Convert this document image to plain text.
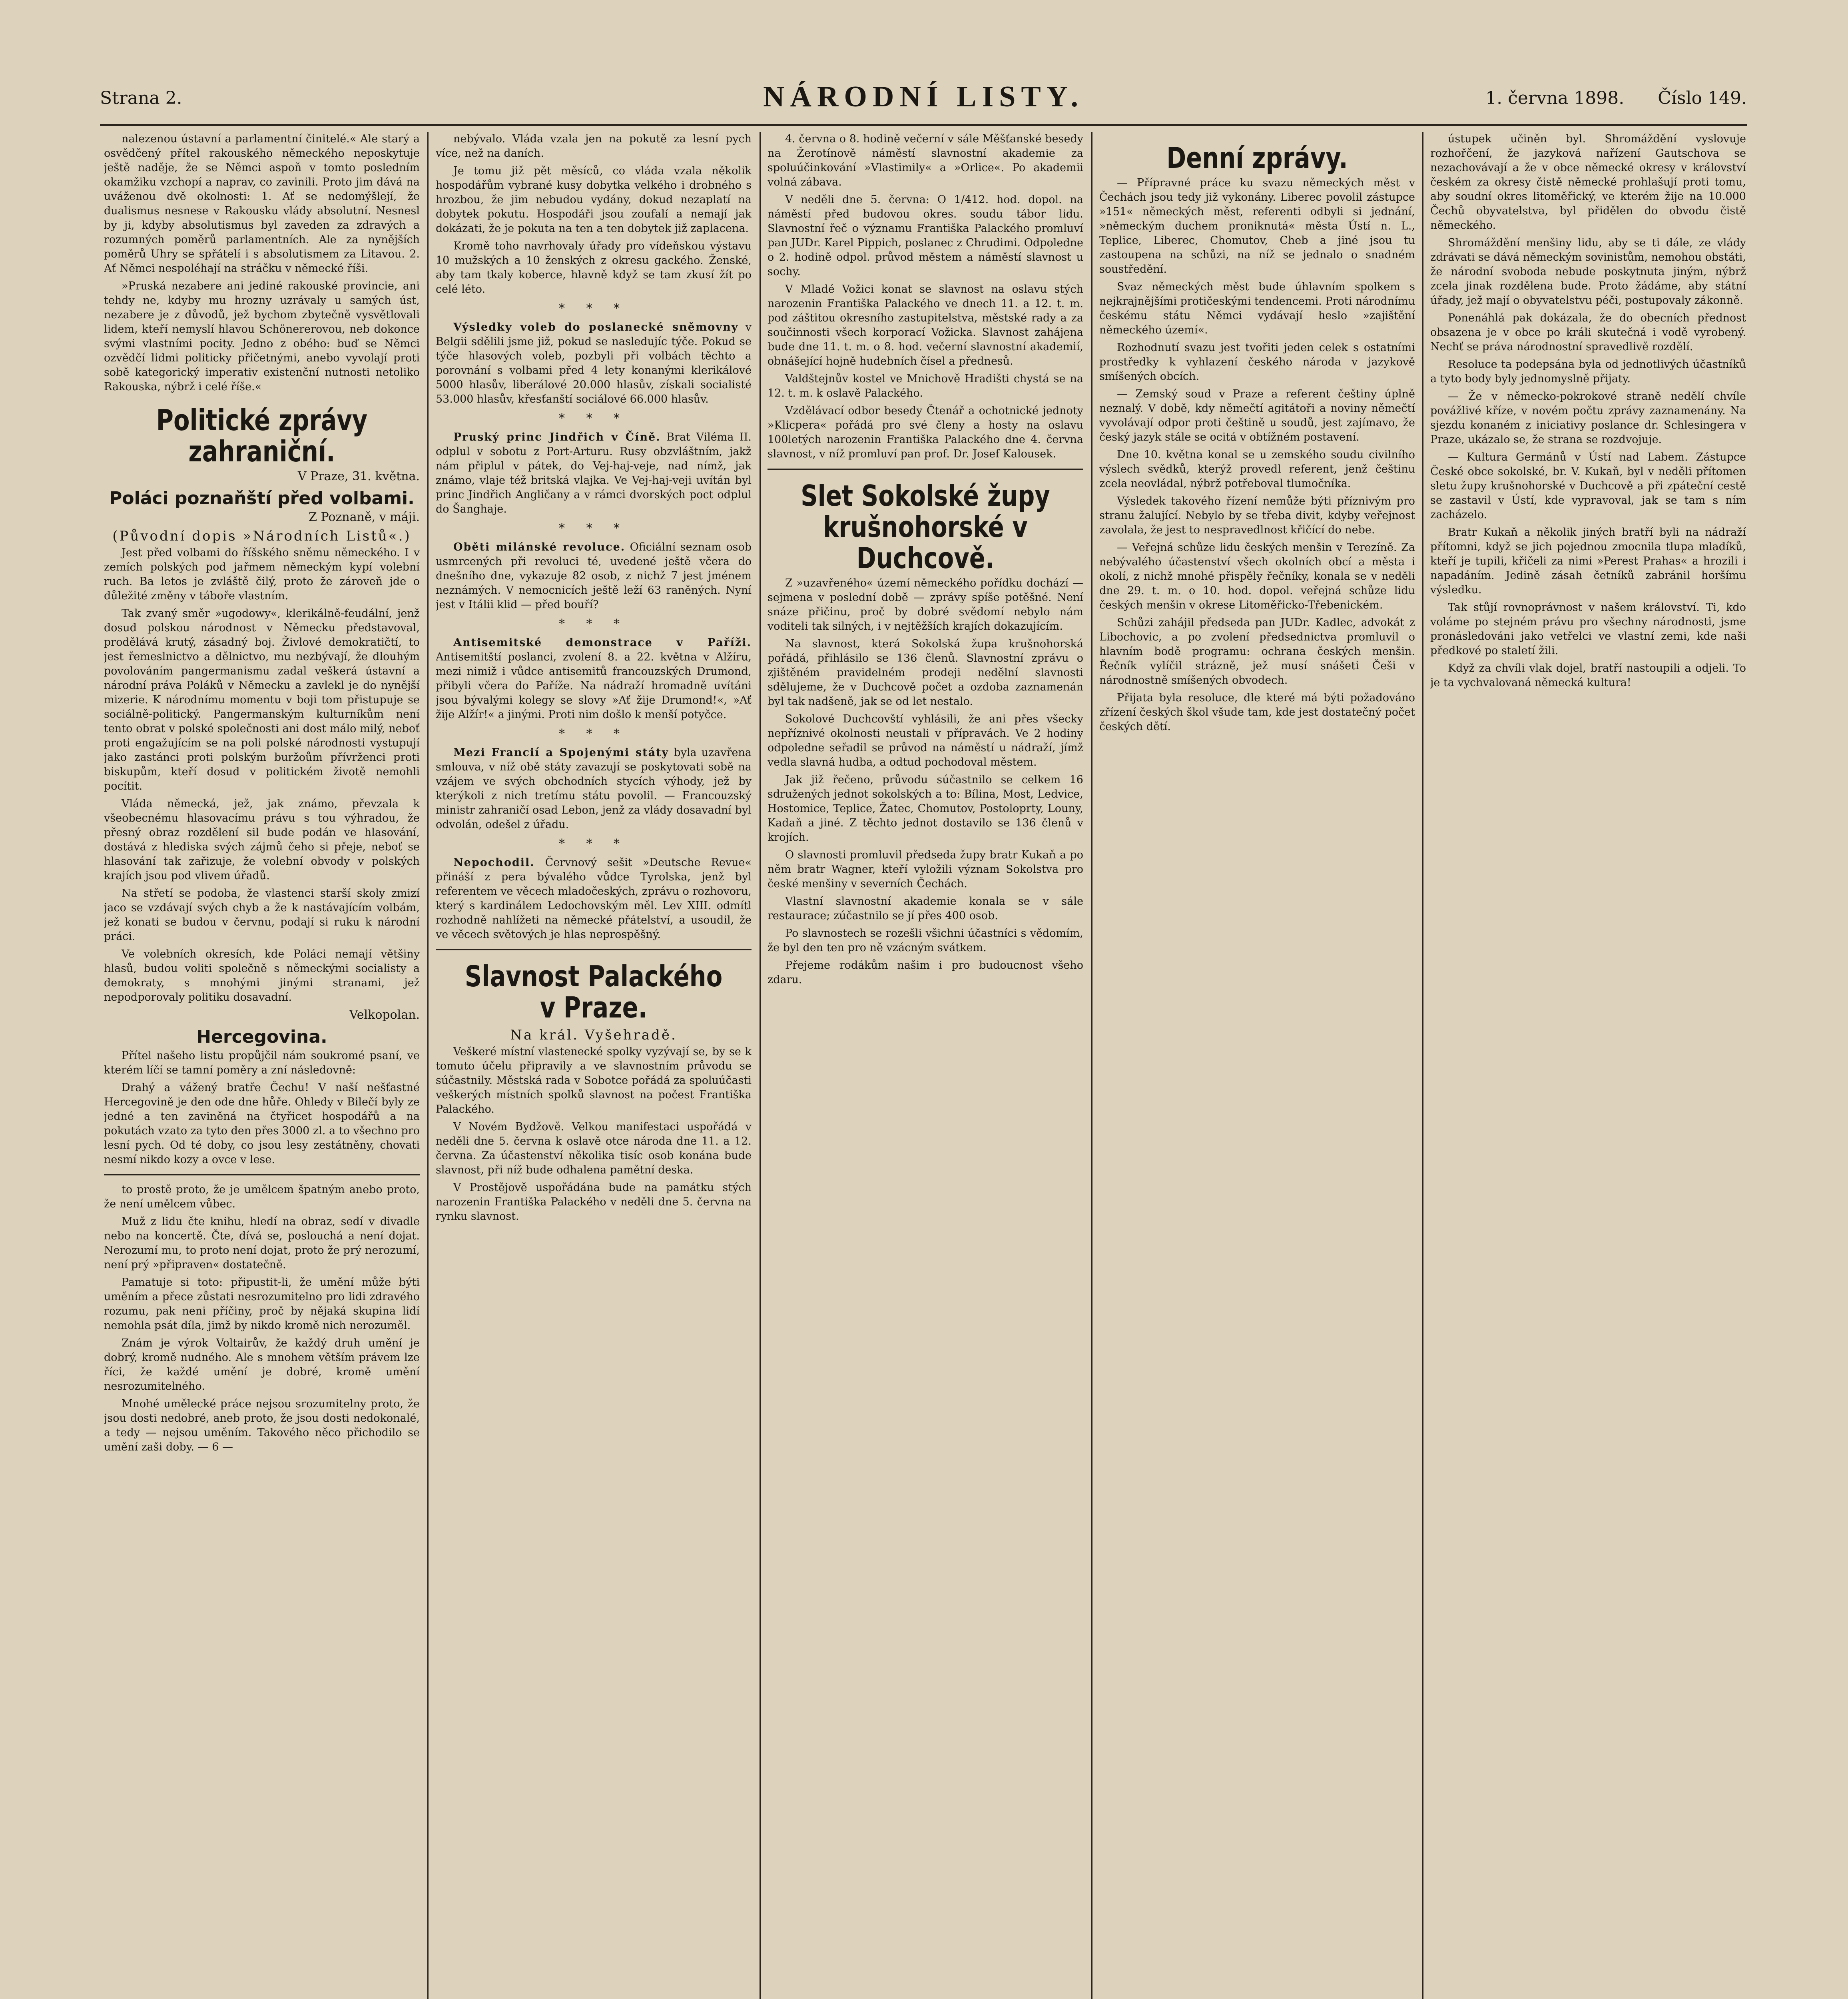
Strana 2.	NÁRODNÍ LISTY.	1. června 1898. Číslo 149.

nalezenou ústavní a parlamentní činitelé.« Ale starý a osvědčený přítel rakouského německého neposkytuje ještě naděje, že se Němci aspoň v tomto posledním okamžiku vzchopí a naprav, co zavinili. Proto jim dává na uváženou dvě okolnosti: 1. Ať se nedomýšlejí, že dualismus nesnese v Rakousku vlády absolutní. Nesnesl by ji, kdyby absolutismus byl zaveden za zdravých a rozumných poměrů parlamentních. Ale za nynějších poměrů Uhry se spřátelí i s absolutismem za Litavou. 2. Ať Němci nespoléhají na stráčku v německé říši.

»Pruská nezabere ani jediné rakouské provincie, ani tehdy ne, kdyby mu hrozny uzrávaly u samých úst, nezabere je z důvodů, jež bychom zbytečně vysvětlovali lidem, kteří nemyslí hlavou Schönererovou, neb dokonce svými vlastními pocity. Jedno z obého: buď se Němci ozvědčí lidmi politicky přičetnými, anebo vyvolají proti sobě kategorický imperativ existenční nutnosti netoliko Rakouska, nýbrž i celé říše.«

Politické zprávy zahraniční.
V Praze, 31. května.
Poláci poznaňští před volbami.
Z Poznaně, v máji.
(Původní dopis »Národních Listů«.)

Jest před volbami do říšského sněmu německého. I v zemích polských pod jařmem německým kypí volební ruch. Ba letos je zvláště čilý, proto že zároveň jde o důležité změny v táboře vlastním.

Tak zvaný směr »ugodowy«, klerikálně-feudální, jenž dosud polskou národnost v Německu představoval, prodělává krutý, zásadný boj. Živlové demokratičtí, to jest řemeslnictvo a dělnictvo, mu nezbývají, že dlouhým povolováním pangermanismu zadal veškerá ústavní a národní práva Poláků v Německu a zavlekl je do nynější mizerie. K národnímu momentu v boji tom přistupuje se sociálně-politický. Pangermanským kulturníkům není tento obrat v polské společnosti ani dost málo milý, neboť proti engažujícím se na poli polské národnosti vystupují jako zastánci proti polským buržoům přívrženci proti biskupům, kteří dosud v politickém životě nemohli pocítit.

Vláda německá, jež, jak známo, převzala k všeobecnému hlasovacímu právu s tou výhradou, že přesný obraz rozdělení sil bude podán ve hlasování, dostává z hlediska svých zájmů čeho si přeje, neboť se hlasování tak zařizuje, že volební obvody v polských krajích jsou pod vlivem úřadů.

Na střetí se podoba, že vlastenci starší skoly zmizí jaco se vzdávají svých chyb a že k nastávajícím volbám, jež konati se budou v červnu, podají si ruku k národní práci.

Ve volebních okresích, kde Poláci nemají většiny hlasů, budou voliti společně s německými socialisty a demokraty, s mnohými jinými stranami, jež nepodporovaly politiku dosavadní.

Velkopolan.
Hercegovina.

Přítel našeho listu propůjčil nám soukromé psaní, ve kterém líčí se tamní poměry a zní následovně:

Drahý a vážený bratře Čechu! V naší nešťastné Hercegovině je den ode dne hůře. Ohledy v Bilečí byly ze jedné a ten zaviněná na čtyřicet hospodářů a na pokutách vzato za tyto den přes 3000 zl. a to všechno pro lesní pych. Od té doby, co jsou lesy zestátněny, chovati nesmí nikdo kozy a ovce v lese.

to prostě proto, že je umělcem špatným anebo proto, že není umělcem vůbec.

Muž z lidu čte knihu, hledí na obraz, sedí v divadle nebo na koncertě. Čte, dívá se, poslouchá a není dojat. Nerozumí mu, to proto není dojat, proto že prý nerozumí, není prý »připraven« dostatečně.

Pamatuje si toto: připustit-li, že umění může býti uměním a přece zůstati nesrozumitelno pro lidi zdravého rozumu, pak neni příčiny, proč by nějaká skupina lidí nemohla psát díla, jimž by nikdo kromě nich nerozuměl.

Znám je výrok Voltairův, že každý druh umění je dobrý, kromě nudného. Ale s mnohem větším právem lze říci, že každé umění je dobré, kromě umění nesrozumitelného.

Mnohé umělecké práce nejsou srozumitelny proto, že jsou dosti nedobré, aneb proto, že jsou dosti nedokonalé, a tedy — nejsou uměním. Takového něco přichodilo se umění zaši doby. — 6 —

nebývalo. Vláda vzala jen na pokutě za lesní pych více, než na daních.

Je tomu již pět měsíců, co vláda vzala několik hospodářům vybrané kusy dobytka velkého i drobného s hrozbou, že jim nebudou vydány, dokud nezaplatí na dobytek pokutu. Hospodáři jsou zoufalí a nemají jak dokázati, že je pokuta na ten a ten dobytek již zaplacena.

Kromě toho navrhovaly úřady pro vídeňskou výstavu 10 mužských a 10 ženských z okresu gackého. Ženské, aby tam tkaly koberce, hlavně když se tam zkusí žít po celé léto.

* * *

Výsledky voleb do poslanecké sněmovny v Belgii sdělili jsme již, pokud se nasledujíc týče. Pokud se týče hlasových voleb, pozbyli při volbách těchto a porovnání s volbami před 4 lety konanými klerikálové 5000 hlasův, liberálové 20.000 hlasův, získali socialisté 53.000 hlasův, křesťanští sociálové 66.000 hlasův.

* * *

Pruský princ Jindřich v Číně. Brat Viléma II. odplul v sobotu z Port-Arturu. Rusy obzvláštním, jakž nám připlul v pátek, do Vej-haj-veje, nad nímž, jak známo, vlaje též britská vlajka. Ve Vej-haj-veji uvítán byl princ Jindřich Angličany a v rámci dvorských poct odplul do Šanghaje.

* * *

Oběti milánské revoluce. Oficiální seznam osob usmrcených při revoluci té, uvedené ještě včera do dnešního dne, vykazuje 82 osob, z nichž 7 jest jménem neznámých. V nemocnicích ještě leží 63 raněných. Nyní jest v Itálii klid — před bouří?

* * *

Antisemitské demonstrace v Paříži. Antisemitští poslanci, zvolení 8. a 22. května v Alžíru, mezi nimiž i vůdce antisemitů francouzských Drumond, přibyli včera do Paříže. Na nádraží hromadně uvítáni jsou bývalými kolegy se slovy »Ať žije Drumond!«, »Ať žije Alžír!« a jinými. Proti nim došlo k menší potyčce.

* * *

Mezi Francií a Spojenými státy byla uzavřena smlouva, v níž obě státy zavazují se poskytovati sobě na vzájem ve svých obchodních stycích výhody, jež by kterýkoli z nich tretímu státu povolil. — Francouzský ministr zahraničí osad Lebon, jenž za vlády dosavadní byl odvolán, odešel z úřadu.

* * *

Nepochodil. Červnový sešit »Deutsche Revue« přináší z pera bývalého vůdce Tyrolska, jenž byl referentem ve věcech mladočeských, zprávu o rozhovoru, který s kardinálem Ledochovským měl. Lev XIII. odmítl rozhodně nahlížeti na německé přátelství, a usoudil, že ve věcech světových je hlas neprospěšný.

Slavnost Palackého v Praze.
Na král. Vyšehradě.

Veškeré místní vlastenecké spolky vyzývají se, by se k tomuto účelu připravily a ve slavnostním průvodu se súčastnily. Městská rada v Sobotce pořádá za spoluúčasti veškerých místních spolků slavnost na počest Františka Palackého.

V Novém Bydžově. Velkou manifestaci uspořádá v neděli dne 5. června k oslavě otce národa dne 11. a 12. června. Za účastenství několika tisíc osob konána bude slavnost, při níž bude odhalena pamětní deska.

V Prostějově uspořádána bude na památku stých narozenin Františka Palackého v neděli dne 5. června na rynku slavnost.

4. června o 8. hodině večerní v sále Měšťanské besedy na Žerotínově náměstí slavnostní akademie za spoluúčinkování »Vlastimily« a »Orlice«. Po akademii volná zábava.

V neděli dne 5. června: O 1/412. hod. dopol. na náměstí před budovou okres. soudu tábor lidu. Slavnostní řeč o významu Františka Palackého promluví pan JUDr. Karel Pippich, poslanec z Chrudimi. Odpoledne o 2. hodině odpol. průvod městem a náměstí slavnost u sochy.

V Mladé Vožici konat se slavnost na oslavu stých narozenin Františka Palackého ve dnech 11. a 12. t. m. pod záštitou okresního zastupitelstva, městské rady a za součinnosti všech korporací Vožicka. Slavnost zahájena bude dne 11. t. m. o 8. hod. večerní slavnostní akademií, obnášející hojně hudebních čísel a přednesů.

Valdštejnův kostel ve Mnichově Hradišti chystá se na 12. t. m. k oslavě Palackého.

Vzdělávací odbor besedy Čtenář a ochotnické jednoty »Klicpera« pořádá pro své členy a hosty na oslavu 100letých narozenin Františka Palackého dne 4. června slavnost, v níž promluví pan prof. Dr. Josef Kalousek.

Slet Sokolské župy krušnohorské v Duchcově.

Z »uzavřeného« území německého pořídku dochází — sejmena v poslední době — zprávy spíše potěšné. Není snáze přičinu, proč by dobré svědomí nebylo nám voditeli tak silných, i v nejtěžších krajích dokazujícím.

Na slavnost, která Sokolská župa krušnohorská pořádá, přihlásilo se 136 členů. Slavnostní zprávu o zjištěném pravidelném prodeji nedělní slavnosti sdělujeme, že v Duchcově počet a ozdoba zaznamenán byl tak nadšeně, jak se od let nestalo.

Sokolové Duchcovští vyhlásili, že ani přes všecky nepříznivé okolnosti neustali v přípravách. Ve 2 hodiny odpoledne seřadil se průvod na náměstí u nádraží, jímž vedla slavná hudba, a odtud pochodoval městem.

Jak již řečeno, průvodu súčastnilo se celkem 16 sdružených jednot sokolských a to: Bílina, Most, Ledvice, Hostomice, Teplice, Žatec, Chomutov, Postoloprty, Louny, Kadaň a jiné. Z těchto jednot dostavilo se 136 členů v krojích.

O slavnosti promluvil předseda župy bratr Kukaň a po něm bratr Wagner, kteří vyložili význam Sokolstva pro české menšiny v severních Čechách.

Vlastní slavnostní akademie konala se v sále restaurace; zúčastnilo se jí přes 400 osob.

Po slavnostech se rozešli všichni účastníci s vědomím, že byl den ten pro ně vzácným svátkem.

Přejeme rodákům našim i pro budoucnost všeho zdaru.

Denní zprávy.

— Přípravné práce ku svazu německých měst v Čechách jsou tedy již vykonány. Liberec povolil zástupce »151« německých měst, referenti odbyli si jednání, »německým duchem proniknutá« města Ústí n. L., Teplice, Liberec, Chomutov, Cheb a jiné jsou tu zastoupena na schůzi, na níž se jednalo o snadném soustředění.

Svaz německých měst bude úhlavním spolkem s nejkrajnějšími protičeskými tendencemi. Proti národnímu českému státu Němci vydávají heslo »zajištění německého území«.

Rozhodnutí svazu jest tvořiti jeden celek s ostatními prostředky k vyhlazení českého národa v jazykově smíšených obcích.

— Zemský soud v Praze a referent češtiny úplně neznalý. V době, kdy němečtí agitátoři a noviny němečtí vyvolávají odpor proti češtině u soudů, jest zajímavo, že český jazyk stále se ocitá v obtížném postavení.

Dne 10. května konal se u zemského soudu civilního výslech svědků, kterýž provedl referent, jenž češtinu zcela neovládal, nýbrž potřeboval tlumočníka.

Výsledek takového řízení nemůže býti příznivým pro stranu žalující. Nebylo by se třeba divit, kdyby veřejnost zavolala, že jest to nespravedlnost křičící do nebe.

— Veřejná schůze lidu českých menšin v Terezíně. Za nebývalého účastenství všech okolních obcí a města i okolí, z nichž mnohé přispěly řečníky, konala se v neděli dne 29. t. m. o 10. hod. dopol. veřejná schůze lidu českých menšin v okrese Litoměřicko-Třebenickém.

Schůzi zahájil předseda pan JUDr. Kadlec, advokát z Libochovic, a po zvolení předsednictva promluvil o hlavním bodě programu: ochrana českých menšin. Řečník vylíčil strázně, jež musí snášeti Češi v národnostně smíšených obvodech.

Přijata byla resoluce, dle které má býti požadováno zřízení českých škol všude tam, kde jest dostatečný počet českých dětí.

ústupek učiněn byl. Shromáždění vyslovuje rozhořčení, že jazyková nařízení Gautschova se nezachovávají a že v obce německé okresy v království českém za okresy čistě německé prohlašují proti tomu, aby soudní okres litoměřický, ve kterém žije na 10.000 Čechů obyvatelstva, byl přidělen do obvodu čistě německého.

Shromáždění menšiny lidu, aby se ti dále, ze vlády zdrávati se dává německým sovinistům, nemohou obstáti, že národní svoboda nebude poskytnuta jiným, nýbrž zcela jinak rozdělena bude. Proto žádáme, aby státní úřady, jež mají o obyvatelstvu péči, postupovaly zákonně.

Ponenáhlá pak dokázala, že do obecních přednost obsazena je v obce po králi skutečná i vodě vyrobený. Nechť se práva národnostní spravedlivě rozdělí.

Resoluce ta podepsána byla od jednotlivých účastníků a tyto body byly jednomyslně přijaty.

— Že v německo-pokrokové straně nedělí chvíle povážlivé kříze, v novém počtu zprávy zaznamenány. Na sjezdu konaném z iniciativy poslance dr. Schlesingera v Praze, ukázalo se, že strana se rozdvojuje.

— Kultura Germánů v Ústí nad Labem. Zástupce České obce sokolské, br. V. Kukaň, byl v neděli přítomen sletu župy krušnohorské v Duchcově a při zpáteční cestě se zastavil v Ústí, kde vypravoval, jak se tam s ním zacházelo.

Bratr Kukaň a několik jiných bratří byli na nádraží přítomni, když se jich pojednou zmocnila tlupa mladíků, kteří je tupili, křičeli za nimi »Perest Prahas« a hrozili i napadáním. Jedině zásah četníků zabránil horšímu výsledku.

Tak stůjí rovnoprávnost v našem království. Ti, kdo voláme po stejném právu pro všechny národnosti, jsme pronásledováni jako vetřelci ve vlastní zemi, kde naši předkové po staletí žili.

Když za chvíli vlak dojel, bratří nastoupili a odjeli. To je ta vychvalovaná německá kultura!
